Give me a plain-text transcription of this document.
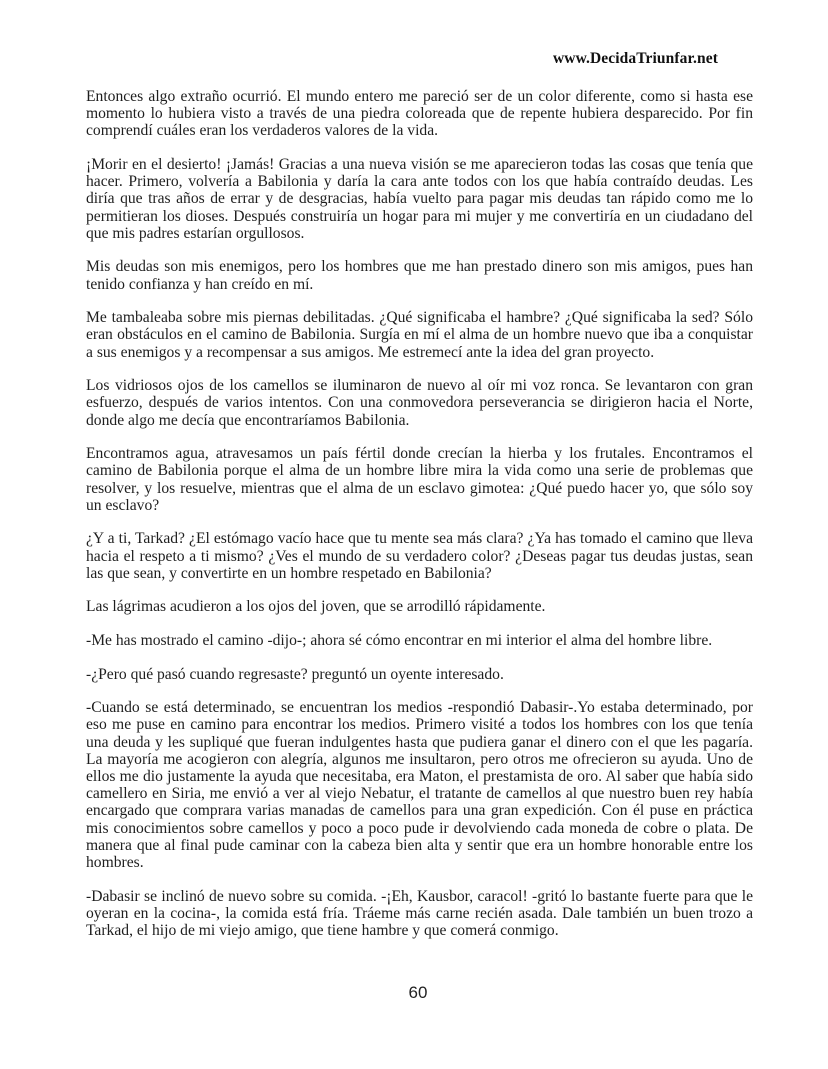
www.DecidaTriunfar.net

Entonces algo extraño ocurrió. El mundo entero me pareció ser de un color diferente, como si hasta ese momento lo hubiera visto a través de una piedra coloreada que de repente hubiera desparecido. Por fin comprendí cuáles eran los verdaderos valores de la vida.

¡Morir en el desierto! ¡Jamás! Gracias a una nueva visión se me aparecieron todas las cosas que tenía que hacer. Primero, volvería a Babilonia y daría la cara ante todos con los que había contraído deudas. Les diría que tras años de errar y de desgracias, había vuelto para pagar mis deudas tan rápido como me lo permitieran los dioses. Después construiría un hogar para mi mujer y me convertiría en un ciudadano del que mis padres estarían orgullosos.

Mis deudas son mis enemigos, pero los hombres que me han prestado dinero son mis amigos, pues han tenido confianza y han creído en mí.

Me tambaleaba sobre mis piernas debilitadas. ¿Qué significaba el hambre? ¿Qué significaba la sed? Sólo eran obstáculos en el camino de Babilonia. Surgía en mí el alma de un hombre nuevo que iba a conquistar a sus enemigos y a recompensar a sus amigos. Me estremecí ante la idea del gran proyecto.

Los vidriosos ojos de los camellos se iluminaron de nuevo al oír mi voz ronca. Se levantaron con gran esfuerzo, después de varios intentos. Con una conmovedora perseverancia se dirigieron hacia el Norte, donde algo me decía que encontraríamos Babilonia.

Encontramos agua, atravesamos un país fértil donde crecían la hierba y los frutales. Encontramos el camino de Babilonia porque el alma de un hombre libre mira la vida como una serie de problemas que resolver, y los resuelve, mientras que el alma de un esclavo gimotea: ¿Qué puedo hacer yo, que sólo soy un esclavo?

¿Y a ti, Tarkad? ¿El estómago vacío hace que tu mente sea más clara? ¿Ya has tomado el camino que lleva hacia el respeto a ti mismo? ¿Ves el mundo de su verdadero color? ¿Deseas pagar tus deudas justas, sean las que sean, y convertirte en un hombre respetado en Babilonia?

Las lágrimas acudieron a los ojos del joven, que se arrodilló rápidamente.

-Me has mostrado el camino -dijo-; ahora sé cómo encontrar en mi interior el alma del hombre libre.

-¿Pero qué pasó cuando regresaste? preguntó un oyente interesado.

-Cuando se está determinado, se encuentran los medios -respondió Dabasir-.Yo estaba determinado, por eso me puse en camino para encontrar los medios. Primero visité a todos los hombres con los que tenía una deuda y les supliqué que fueran indulgentes hasta que pudiera ganar el dinero con el que les pagaría. La mayoría me acogieron con alegría, algunos me insultaron, pero otros me ofrecieron su ayuda. Uno de ellos me dio justamente la ayuda que necesitaba, era Maton, el prestamista de oro. Al saber que había sido camellero en Siria, me envió a ver al viejo Nebatur, el tratante de camellos al que nuestro buen rey había encargado que comprara varias manadas de camellos para una gran expedición. Con él puse en práctica mis conocimientos sobre camellos y poco a poco pude ir devolviendo cada moneda de cobre o plata. De manera que al final pude caminar con la cabeza bien alta y sentir que era un hombre honorable entre los hombres.

-Dabasir se inclinó de nuevo sobre su comida. -¡Eh, Kausbor, caracol! -gritó lo bastante fuerte para que le oyeran en la cocina-, la comida está fría. Tráeme más carne recién asada. Dale también un buen trozo a Tarkad, el hijo de mi viejo amigo, que tiene hambre y que comerá conmigo.

60
